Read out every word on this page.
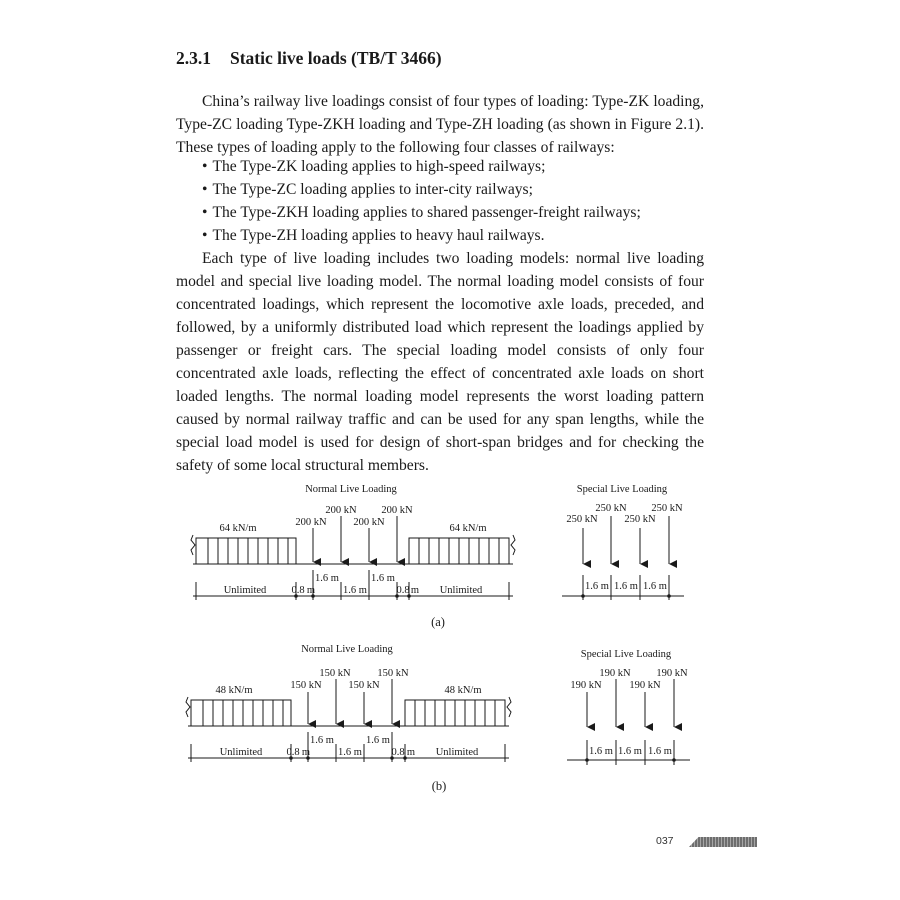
2.3.1 Static live loads (TB/T 3466)

China’s railway live loadings consist of four types of loading: Type-ZK loading, Type-ZC loading Type-ZKH loading and Type-ZH loading (as shown in Figure 2.1). These types of loading apply to the following four classes of railways:

• The Type-ZK loading applies to high-speed railways;
• The Type-ZC loading applies to inter-city railways;
• The Type-ZKH loading applies to shared passenger-freight railways;
• The Type-ZH loading applies to heavy haul railways.

Each type of live loading includes two loading models: normal live loading model and special live loading model. The normal loading model consists of four concentrated loadings, which represent the locomotive axle loads, preceded, and followed, by a uniformly distributed load which represent the loadings applied by passenger or freight cars. The special loading model consists of only four concentrated axle loads, reflecting the effect of concentrated axle loads on short loaded lengths. The normal loading model represents the worst loading pattern caused by normal railway traffic and can be used for any span lengths, while the special load model is used for design of short-span bridges and for checking the safety of some local structural members.

Normal Live Loading
64 kN/m	64 kN/m
200 kN
200 kN
200 kN
200 kN
Unlimited 0.8 m
1.6 m
1.6 m
1.6 m
0.8 m Unlimited
Special Live Loading
250 kN
250 kN
250 kN
250 kN
1.6 m 1.6 m 1.6 m
(a)
Normal Live Loading
48 kN/m	48 kN/m
150 kN
150 kN
150 kN
150 kN
Unlimited 0.8 m
1.6 m
1.6 m
1.6 m
0.8 m Unlimited
Special Live Loading
190 kN
190 kN
190 kN
190 kN
1.6 m 1.6 m 1.6 m
(b)
037
